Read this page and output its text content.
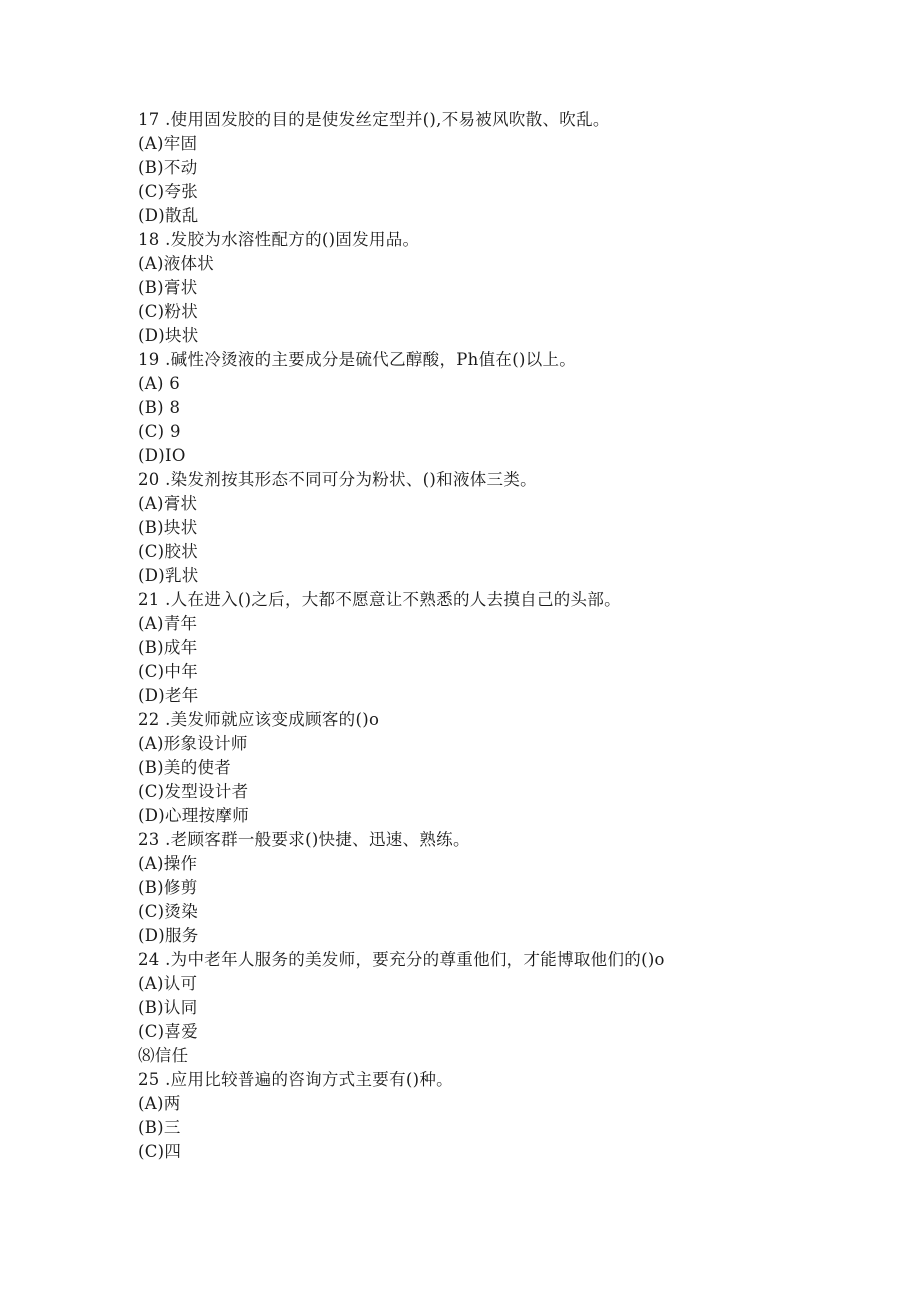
17 .使用固发胶的目的是使发丝定型并(),不易被风吹散、吹乱。
(A)牢固
(B)不动
(C)夸张
(D)散乱
18 .发胶为水溶性配方的()固发用品。
(A)液体状
(B)膏状
(C)粉状
(D)块状
19 .碱性冷烫液的主要成分是硫代乙醇酸，Ph值在()以上。
(A) 6
(B) 8
(C) 9
(D)IO
20 .染发剂按其形态不同可分为粉状、()和液体三类。
(A)膏状
(B)块状
(C)胶状
(D)乳状
21 .人在进入()之后，大都不愿意让不熟悉的人去摸自己的头部。
(A)青年
(B)成年
(C)中年
(D)老年
22 .美发师就应该变成顾客的()o
(A)形象设计师
(B)美的使者
(C)发型设计者
(D)心理按摩师
23 .老顾客群一般要求()快捷、迅速、熟练。
(A)操作
(B)修剪
(C)烫染
(D)服务
24 .为中老年人服务的美发师，要充分的尊重他们，才能博取他们的()o
(A)认可
(B)认同
(C)喜爱
⑻信任
25 .应用比较普遍的咨询方式主要有()种。
(A)两
(B)三
(C)四
